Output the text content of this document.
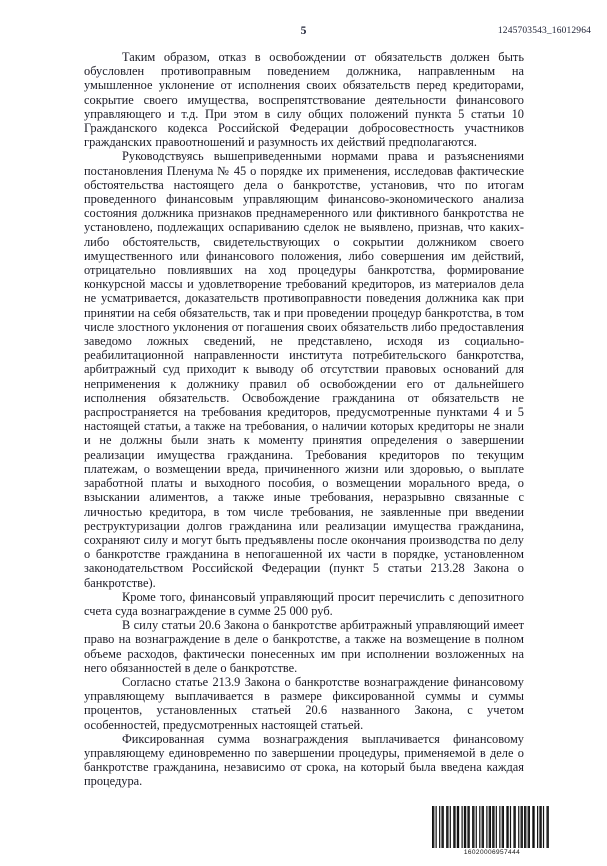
5	1245703543_16012964

Таким образом, отказ в освобождении от обязательств должен быть обусловлен противоправным поведением должника, направленным на умышленное уклонение от исполнения своих обязательств перед кредиторами, сокрытие своего имущества, воспрепятствование деятельности финансового управляющего и т.д. При этом в силу общих положений пункта 5 статьи 10 Гражданского кодекса Российской Федерации добросовестность участников гражданских правоотношений и разумность их действий предполагаются.

Руководствуясь вышеприведенными нормами права и разъяснениями постановления Пленума № 45 о порядке их применения, исследовав фактические обстоятельства настоящего дела о банкротстве, установив, что по итогам проведенного финансовым управляющим финансово-экономического анализа состояния должника признаков преднамеренного или фиктивного банкротства не установлено, подлежащих оспариванию сделок не выявлено, признав, что каких-либо обстоятельств, свидетельствующих о сокрытии должником своего имущественного или финансового положения, либо совершения им действий, отрицательно повлиявших на ход процедуры банкротства, формирование конкурсной массы и удовлетворение требований кредиторов, из материалов дела не усматривается, доказательств противоправности поведения должника как при принятии на себя обязательств, так и при проведении процедур банкротства, в том числе злостного уклонения от погашения своих обязательств либо предоставления заведомо ложных сведений, не представлено, исходя из социально-реабилитационной направленности института потребительского банкротства, арбитражный суд приходит к выводу об отсутствии правовых оснований для неприменения к должнику правил об освобождении его от дальнейшего исполнения обязательств. Освобождение гражданина от обязательств не распространяется на требования кредиторов, предусмотренные пунктами 4 и 5 настоящей статьи, а также на требования, о наличии которых кредиторы не знали и не должны были знать к моменту принятия определения о завершении реализации имущества гражданина. Требования кредиторов по текущим платежам, о возмещении вреда, причиненного жизни или здоровью, о выплате заработной платы и выходного пособия, о возмещении морального вреда, о взыскании алиментов, а также иные требования, неразрывно связанные с личностью кредитора, в том числе требования, не заявленные при введении реструктуризации долгов гражданина или реализации имущества гражданина, сохраняют силу и могут быть предъявлены после окончания производства по делу о банкротстве гражданина в непогашенной их части в порядке, установленном законодательством Российской Федерации (пункт 5 статьи 213.28 Закона о банкротстве).

Кроме того, финансовый управляющий просит перечислить с депозитного счета суда вознаграждение в сумме 25 000 руб.

В силу статьи 20.6 Закона о банкротстве арбитражный управляющий имеет право на вознаграждение в деле о банкротстве, а также на возмещение в полном объеме расходов, фактически понесенных им при исполнении возложенных на него обязанностей в деле о банкротстве.

Согласно статье 213.9 Закона о банкротстве вознаграждение финансовому управляющему выплачивается в размере фиксированной суммы и суммы процентов, установленных статьей 20.6 названного Закона, с учетом особенностей, предусмотренных настоящей статьей.

Фиксированная сумма вознаграждения выплачивается финансовому управляющему единовременно по завершении процедуры, применяемой в деле о банкротстве гражданина, независимо от срока, на который была введена каждая процедура.

16020006957444
